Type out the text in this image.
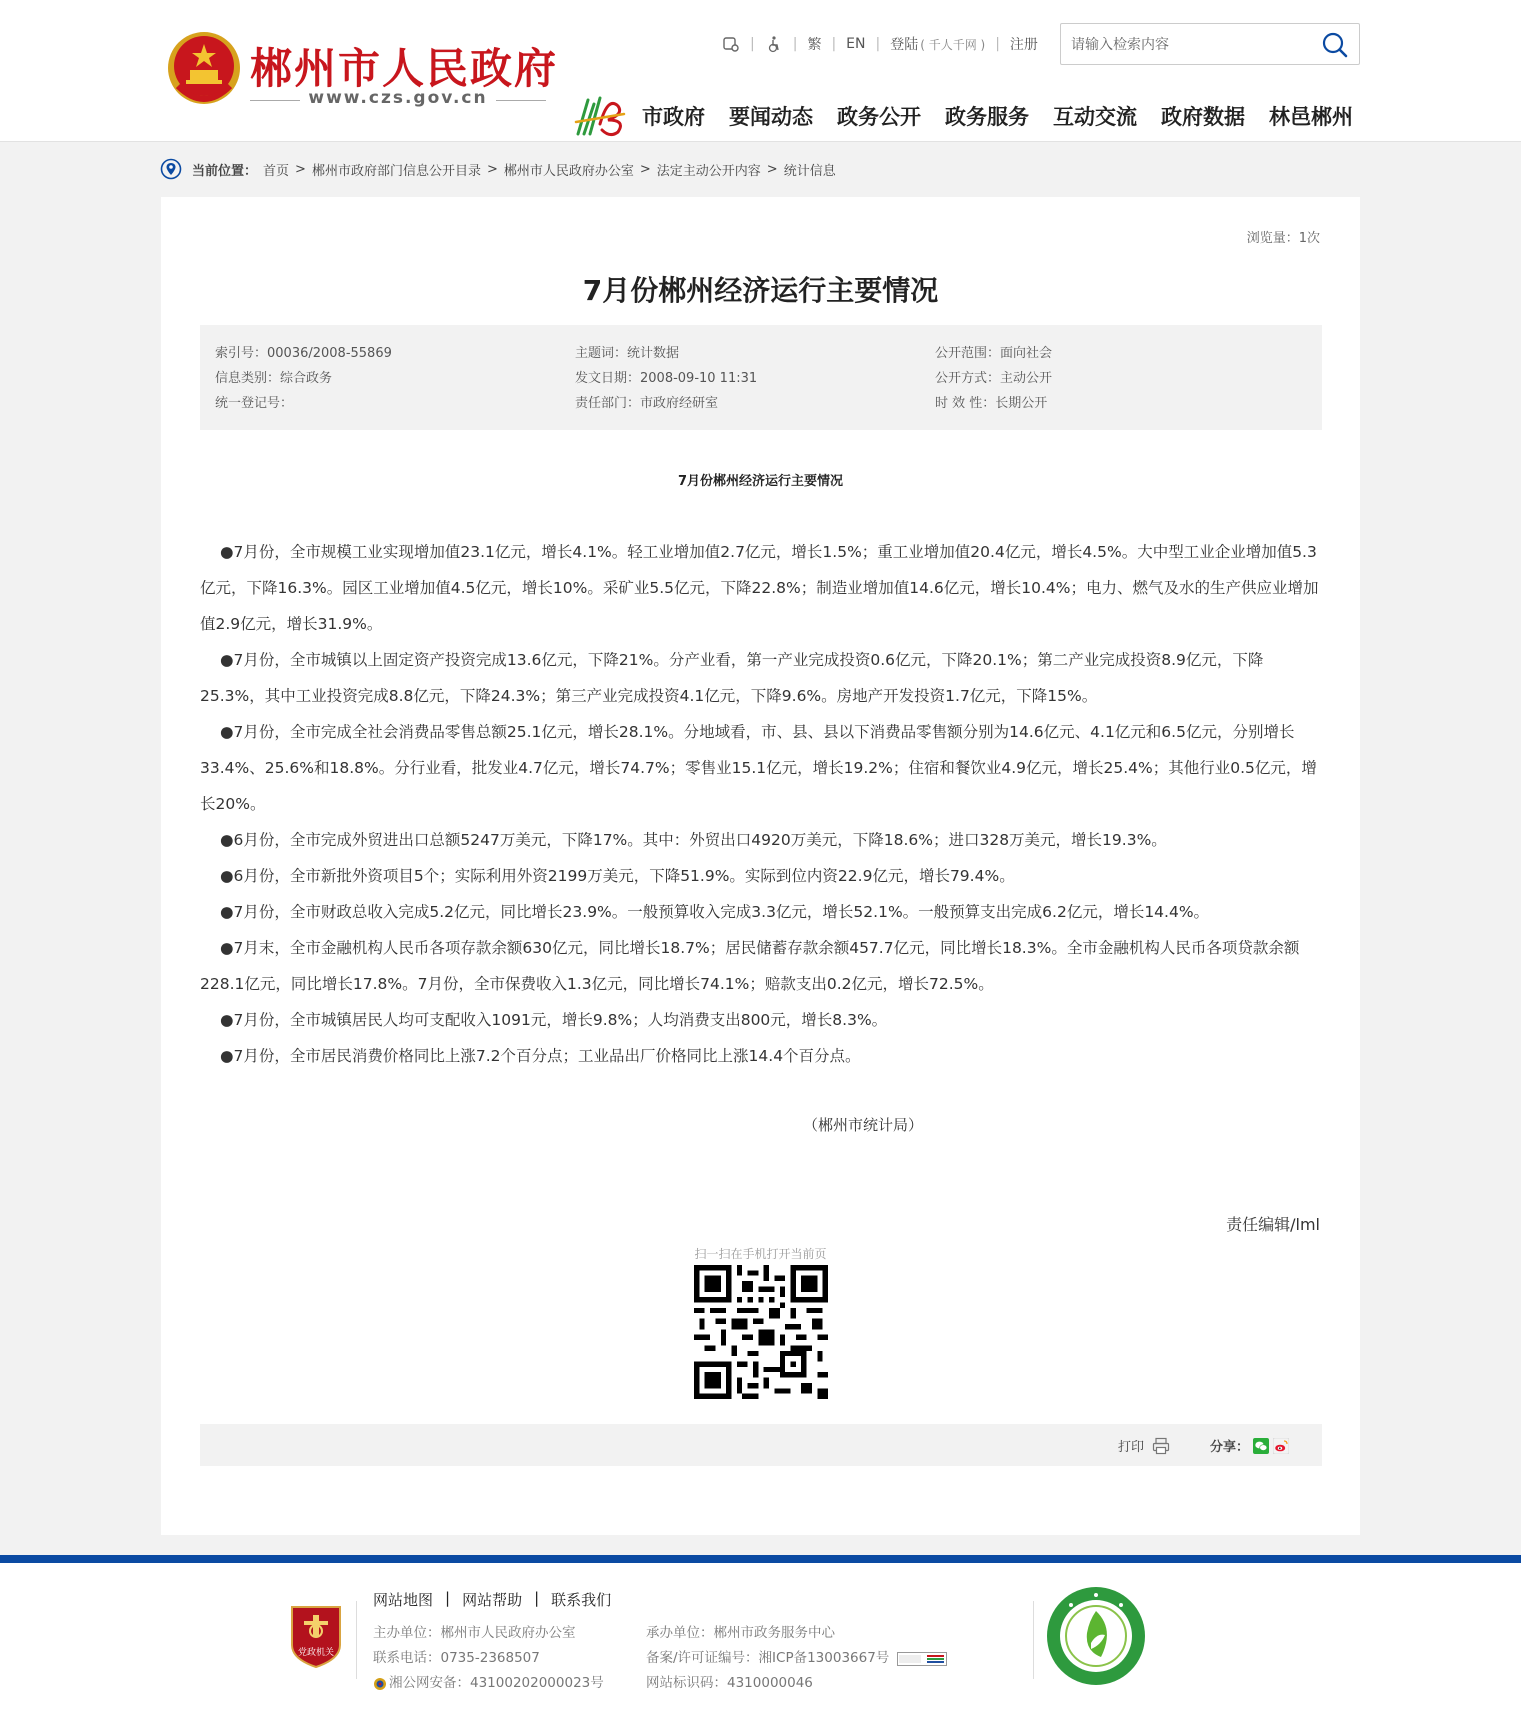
郴州市人民政府
www.czs.gov.cn
|	| 繁 | EN | 登陆 ( 千人千网 ) | 注册
请输入检索内容
市政府 要闻动态 政务公开 政务服务 互动交流 政府数据 林邑郴州
当前位置： 首页 > 郴州市政府部门信息公开目录 > 郴州市人民政府办公室 > 法定主动公开内容 > 统计信息
浏览量：1次
7月份郴州经济运行主要情况
索引号：00036/2008-55869
信息类别：综合政务
统一登记号：
主题词：统计数据
发文日期：2008-09-10 11:31
责任部门：市政府经研室
公开范围：面向社会
公开方式：主动公开
时 效 性：长期公开
7月份郴州经济运行主要情况

●7月份，全市规模工业实现增加值23.1亿元，增长4.1%。轻工业增加值2.7亿元，增长1.5%；重工业增加值20.4亿元，增长4.5%。大中型工业企业增加值5.3亿元，下降16.3%。园区工业增加值4.5亿元，增长10%。采矿业5.5亿元，下降22.8%；制造业增加值14.6亿元，增长10.4%；电力、燃气及水的生产供应业增加值2.9亿元，增长31.9%。

●7月份，全市城镇以上固定资产投资完成13.6亿元，下降21%。分产业看，第一产业完成投资0.6亿元，下降20.1%；第二产业完成投资8.9亿元，下降25.3%，其中工业投资完成8.8亿元，下降24.3%；第三产业完成投资4.1亿元，下降9.6%。房地产开发投资1.7亿元，下降15%。

●7月份，全市完成全社会消费品零售总额25.1亿元，增长28.1%。分地域看，市、县、县以下消费品零售额分别为14.6亿元、4.1亿元和6.5亿元，分别增长33.4%、25.6%和18.8%。分行业看，批发业4.7亿元，增长74.7%；零售业15.1亿元，增长19.2%；住宿和餐饮业4.9亿元，增长25.4%；其他行业0.5亿元，增长20%。

●6月份，全市完成外贸进出口总额5247万美元，下降17%。其中：外贸出口4920万美元，下降18.6%；进口328万美元，增长19.3%。

●6月份，全市新批外资项目5个；实际利用外资2199万美元，下降51.9%。实际到位内资22.9亿元，增长79.4%。

●7月份，全市财政总收入完成5.2亿元，同比增长23.9%。一般预算收入完成3.3亿元，增长52.1%。一般预算支出完成6.2亿元，增长14.4%。

●7月末，全市金融机构人民币各项存款余额630亿元，同比增长18.7%；居民储蓄存款余额457.7亿元，同比增长18.3%。全市金融机构人民币各项贷款余额228.1亿元，同比增长17.8%。7月份，全市保费收入1.3亿元，同比增长74.1%；赔款支出0.2亿元，增长72.5%。

●7月份，全市城镇居民人均可支配收入1091元，增长9.8%；人均消费支出800元，增长8.3%。

●7月份，全市居民消费价格同比上涨7.2个百分点；工业品出厂价格同比上涨14.4个百分点。

（郴州市统计局）
责任编辑/lml
扫一扫在手机打开当前页
打印	分享：
党政机关
网站地图 | 网站帮助 | 联系我们
主办单位：郴州市人民政府办公室
联系电话：0735-2368507
湘公网安备：43100202000023号
承办单位：郴州市政务服务中心
备案/许可证编号：湘ICP备13003667号
网站标识码：4310000046
